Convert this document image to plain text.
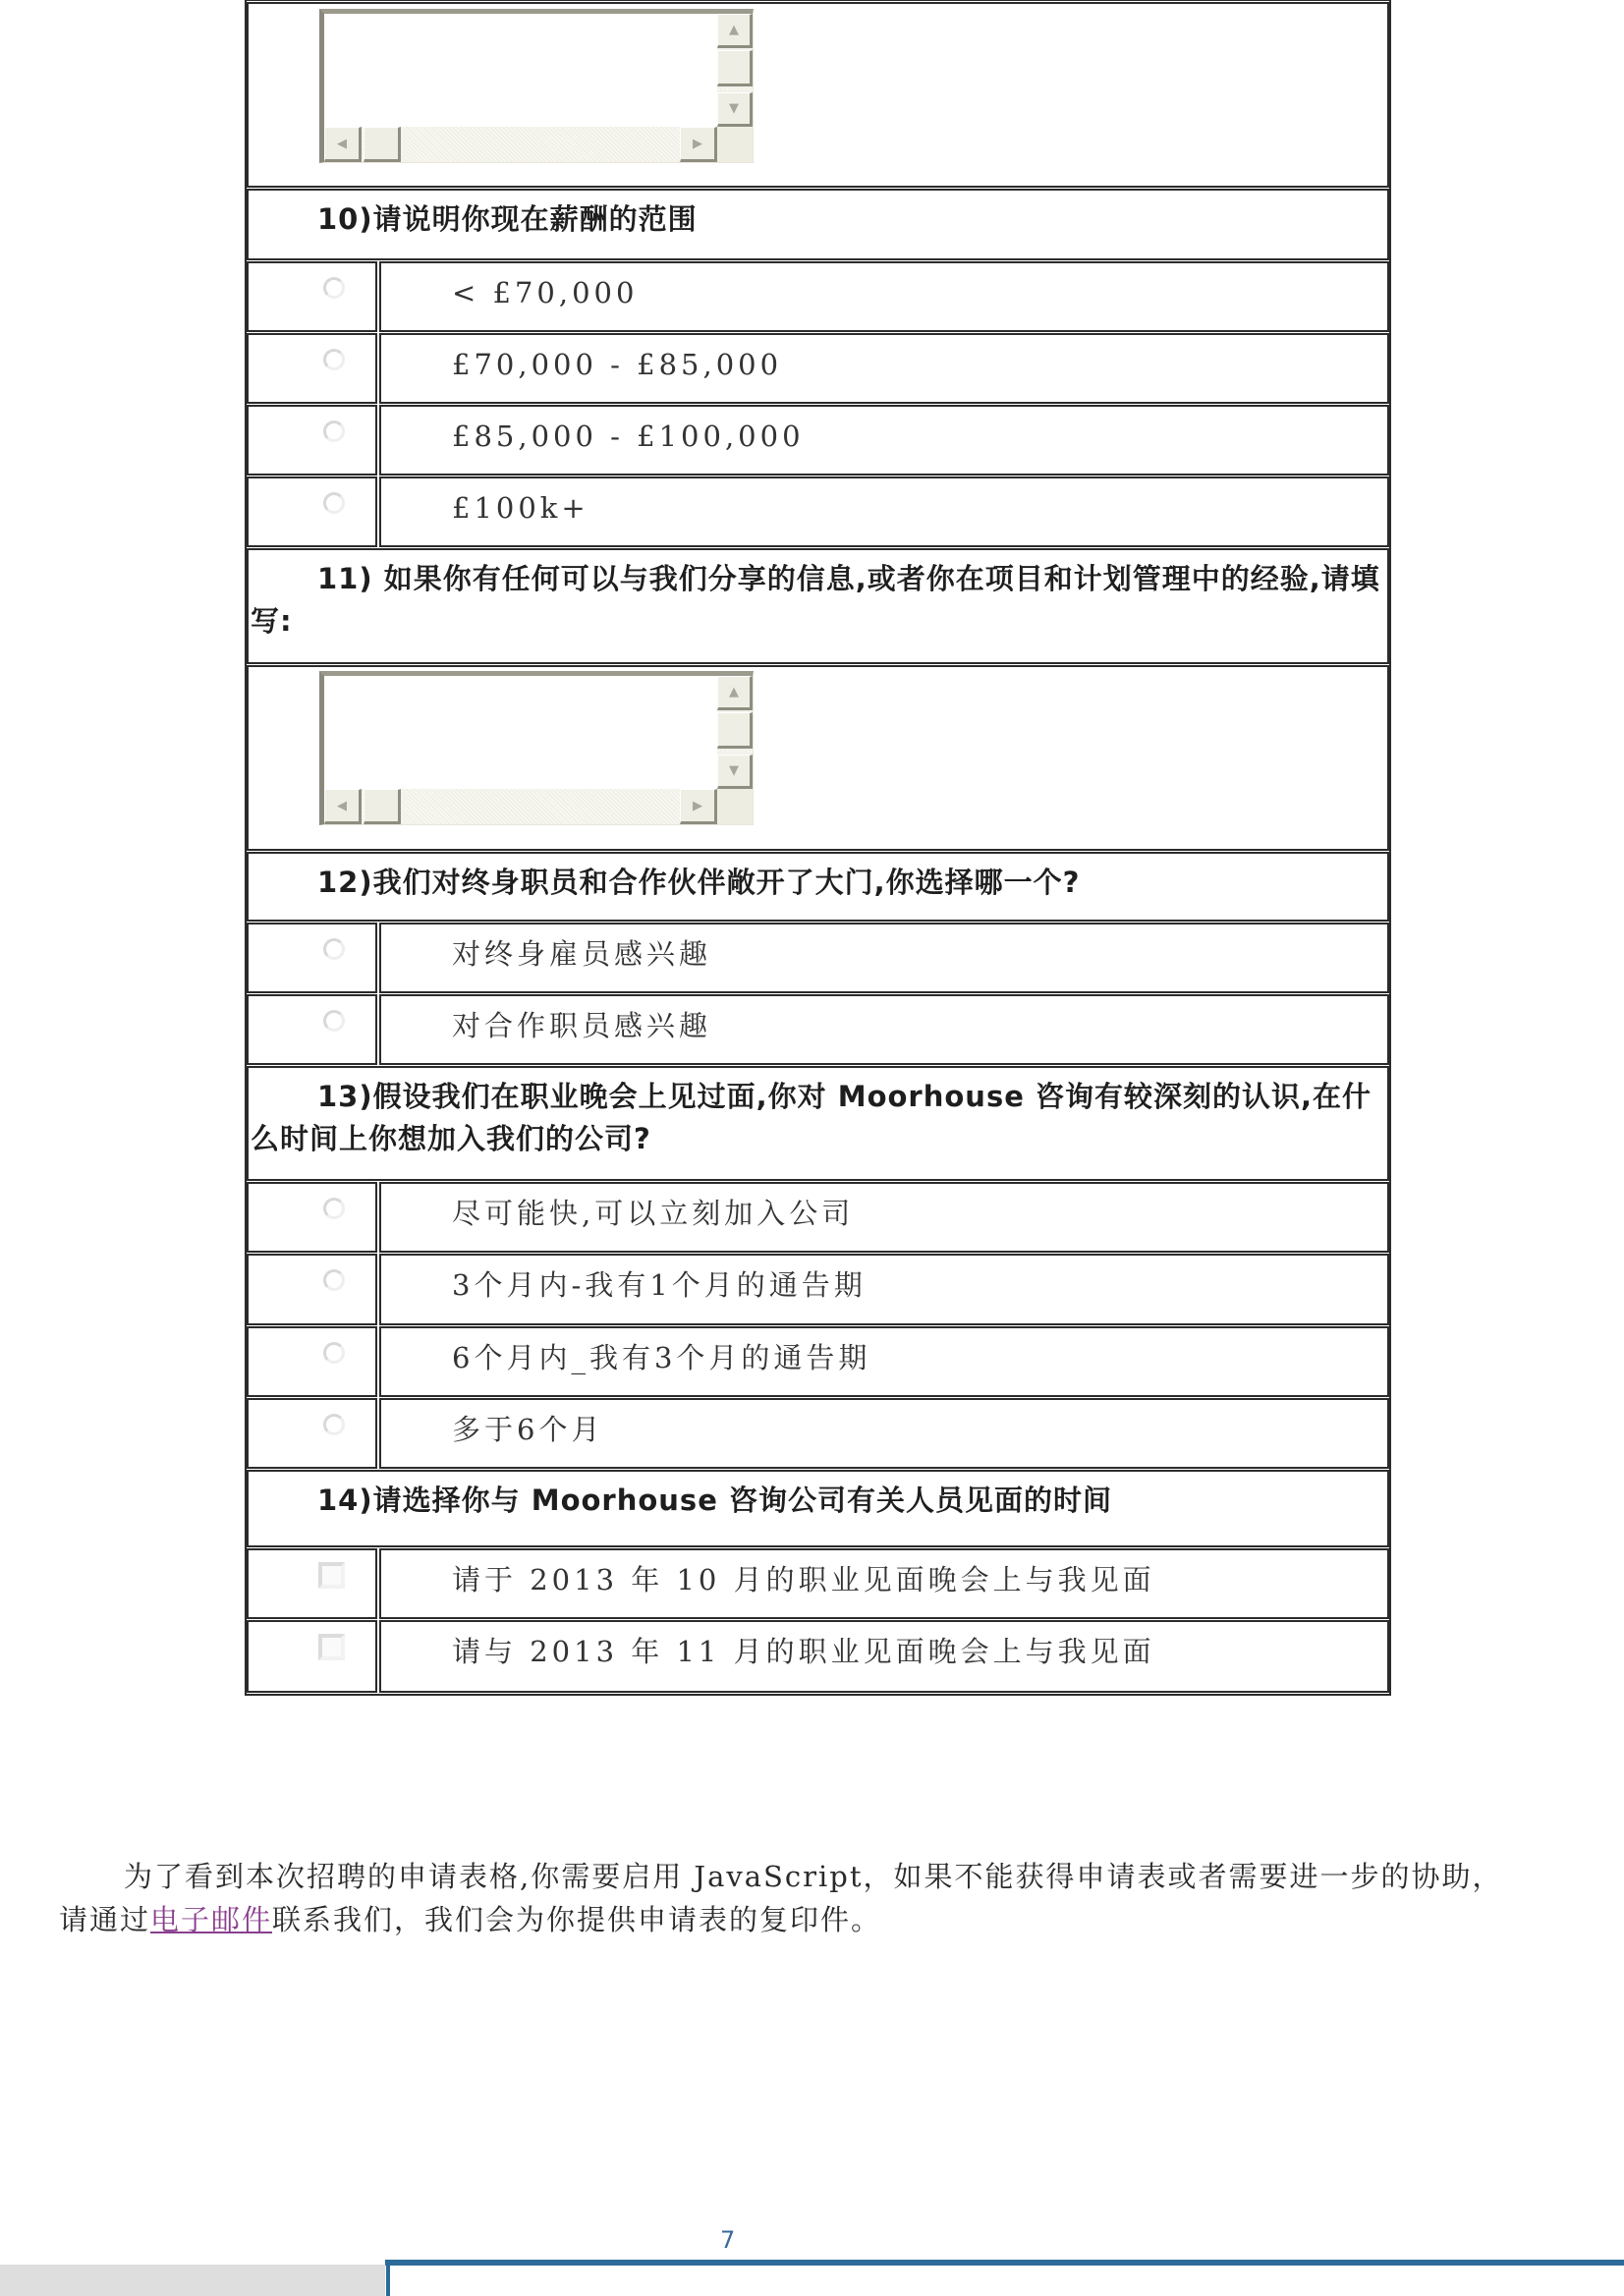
▲
▼
◀	▶
10)请说明你现在薪酬的范围
< £70,000
£70,000 - £85,000
£85,000 - £100,000
£100k+
11) 如果你有任何可以与我们分享的信息,或者你在项目和计划管理中的经验,请填写:
▲
▼
◀	▶
12)我们对终身职员和合作伙伴敞开了大门,你选择哪一个?
对终身雇员感兴趣
对合作职员感兴趣
13)假设我们在职业晚会上见过面,你对 Moorhouse 咨询有较深刻的认识,在什么时间上你想加入我们的公司?
尽可能快,可以立刻加入公司
3个月内-我有1个月的通告期
6个月内_我有3个月的通告期
多于6个月
14)请选择你与 Moorhouse 咨询公司有关人员见面的时间
请于 2013 年 10 月的职业见面晚会上与我见面
请与 2013 年 11 月的职业见面晚会上与我见面
为了看到本次招聘的申请表格,你需要启用 JavaScript，如果不能获得申请表或者需要进一步的协助，
请通过电子邮件联系我们，我们会为你提供申请表的复印件。
7
